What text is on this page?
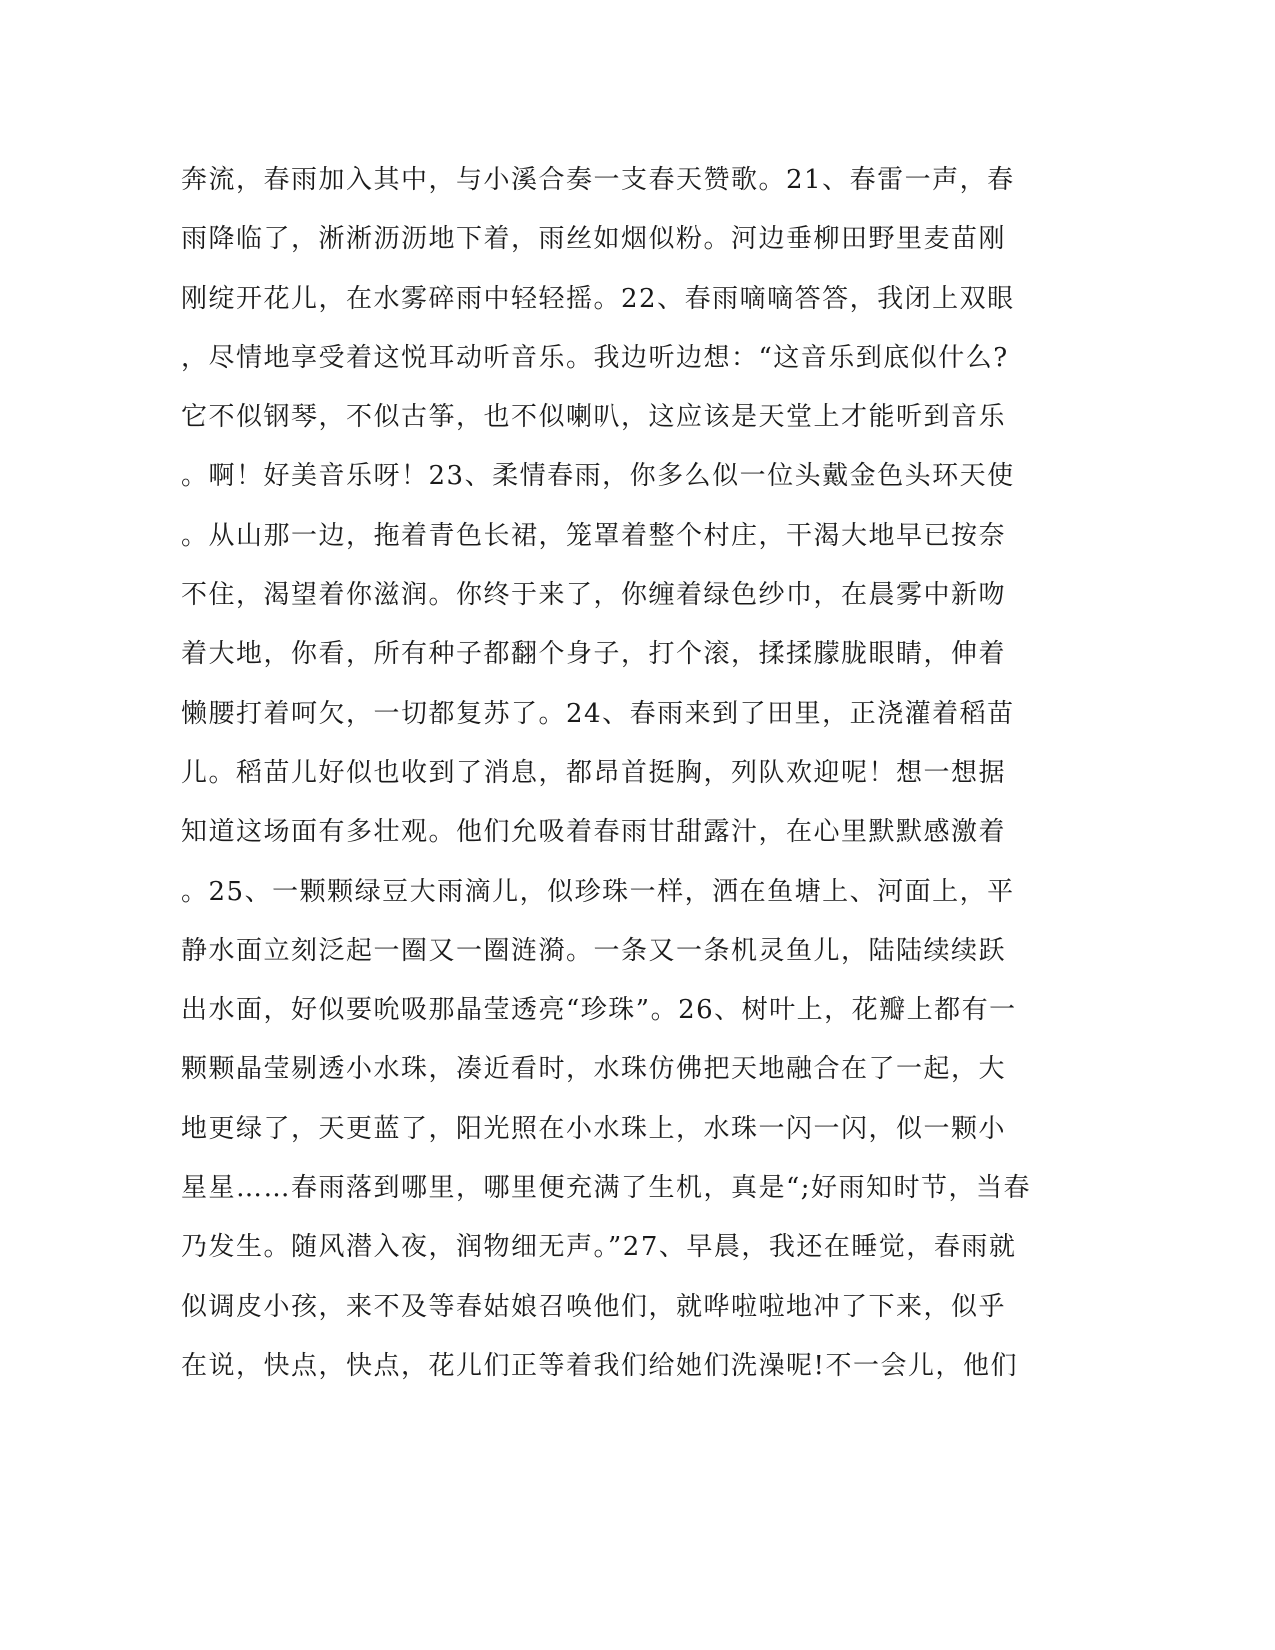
奔流，春雨加入其中，与小溪合奏一支春天赞歌。21、春雷一声，春
雨降临了，淅淅沥沥地下着，雨丝如烟似粉。河边垂柳田野里麦苗刚
刚绽开花儿，在水雾碎雨中轻轻摇。22、春雨嘀嘀答答，我闭上双眼
，尽情地享受着这悦耳动听音乐。我边听边想：“这音乐到底似什么?
它不似钢琴，不似古筝，也不似喇叭，这应该是天堂上才能听到音乐
。啊！好美音乐呀！23、柔情春雨，你多么似一位头戴金色头环天使
。从山那一边，拖着青色长裙，笼罩着整个村庄，干渴大地早已按奈
不住，渴望着你滋润。你终于来了，你缠着绿色纱巾，在晨雾中新吻
着大地，你看，所有种子都翻个身子，打个滚，揉揉朦胧眼睛，伸着
懒腰打着呵欠，一切都复苏了。24、春雨来到了田里，正浇灌着稻苗
儿。稻苗儿好似也收到了消息，都昂首挺胸，列队欢迎呢！想一想据
知道这场面有多壮观。他们允吸着春雨甘甜露汁，在心里默默感激着
。25、一颗颗绿豆大雨滴儿，似珍珠一样，洒在鱼塘上、河面上，平
静水面立刻泛起一圈又一圈涟漪。一条又一条机灵鱼儿，陆陆续续跃
出水面，好似要吮吸那晶莹透亮“珍珠”。26、树叶上，花瓣上都有一
颗颗晶莹剔透小水珠，凑近看时，水珠仿佛把天地融合在了一起，大
地更绿了，天更蓝了，阳光照在小水珠上，水珠一闪一闪，似一颗小
星星……春雨落到哪里，哪里便充满了生机，真是“;好雨知时节，当春
乃发生。随风潜入夜，润物细无声。”27、早晨，我还在睡觉，春雨就
似调皮小孩，来不及等春姑娘召唤他们，就哗啦啦地冲了下来，似乎
在说，快点，快点，花儿们正等着我们给她们洗澡呢!不一会儿，他们
